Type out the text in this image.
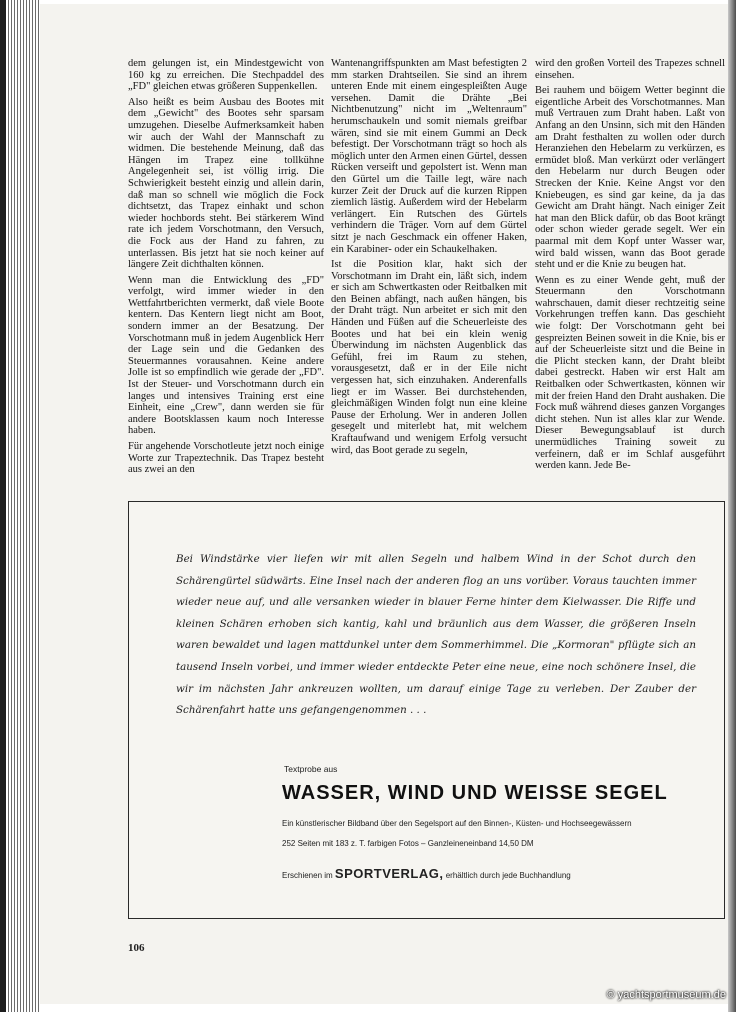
dem gelungen ist, ein Mindestgewicht von 160 kg zu erreichen. Die Stechpaddel des „FD" gleichen etwas größeren Suppenkellen.

Also heißt es beim Ausbau des Bootes mit dem „Gewicht" des Bootes sehr sparsam umzugehen. Dieselbe Aufmerksamkeit haben wir auch der Wahl der Mannschaft zu widmen. Die bestehende Meinung, daß das Hängen im Trapez eine tollkühne Angelegenheit sei, ist völlig irrig. Die Schwierigkeit besteht einzig und allein darin, daß man so schnell wie möglich die Fock dichtsetzt, das Trapez einhakt und schon wieder hochbords steht. Bei stärkerem Wind rate ich jedem Vorschotmann, den Versuch, die Fock aus der Hand zu fahren, zu unterlassen. Bis jetzt hat sie noch keiner auf längere Zeit dichthalten können.

Wenn man die Entwicklung des „FD" verfolgt, wird immer wieder in den Wettfahrtberichten vermerkt, daß viele Boote kentern. Das Kentern liegt nicht am Boot, sondern immer an der Besatzung. Der Vorschotmann muß in jedem Augenblick Herr der Lage sein und die Gedanken des Steuermannes vorausahnen. Keine andere Jolle ist so empfindlich wie gerade der „FD". Ist der Steuer- und Vorschotmann durch ein langes und intensives Training erst eine Einheit, eine „Crew", dann werden sie für andere Bootsklassen kaum noch Interesse haben.

Für angehende Vorschotleute jetzt noch einige Worte zur Trapeztechnik. Das Trapez besteht aus zwei an den

Wantenangriffspunkten am Mast befestigten 2 mm starken Drahtseilen. Sie sind an ihrem unteren Ende mit einem eingespleißten Auge versehen. Damit die Drähte „Bei Nichtbenutzung" nicht im „Weltenraum" herumschaukeln und somit niemals greifbar wären, sind sie mit einem Gummi an Deck befestigt. Der Vorschotmann trägt so hoch als möglich unter den Armen einen Gürtel, dessen Rücken verseift und gepolstert ist. Wenn man den Gürtel um die Taille legt, wäre nach kurzer Zeit der Druck auf die kurzen Rippen ziemlich lästig. Außerdem wird der Hebelarm verlängert. Ein Rutschen des Gürtels verhindern die Träger. Vorn auf dem Gürtel sitzt je nach Geschmack ein offener Haken, ein Karabiner- oder ein Schaukelhaken.

Ist die Position klar, hakt sich der Vorschotmann im Draht ein, läßt sich, indem er sich am Schwertkasten oder Reitbalken mit den Beinen abfängt, nach außen hängen, bis der Draht trägt. Nun arbeitet er sich mit den Händen und Füßen auf die Scheuerleiste des Bootes und hat bei ein klein wenig Überwindung im nächsten Augenblick das Gefühl, frei im Raum zu stehen, vorausgesetzt, daß er in der Eile nicht vergessen hat, sich einzuhaken. Anderenfalls liegt er im Wasser. Bei durchstehenden, gleichmäßigen Winden folgt nun eine kleine Pause der Erholung. Wer in anderen Jollen gesegelt und miterlebt hat, mit welchem Kraftaufwand und wenigem Erfolg versucht wird, das Boot gerade zu segeln,

wird den großen Vorteil des Trapezes schnell einsehen.

Bei rauhem und böigem Wetter beginnt die eigentliche Arbeit des Vorschotmannes. Man muß Vertrauen zum Draht haben. Laßt von Anfang an den Unsinn, sich mit den Händen am Draht festhalten zu wollen oder durch Heranziehen den Hebelarm zu verkürzen, es ermüdet bloß. Man verkürzt oder verlängert den Hebelarm nur durch Beugen oder Strecken der Knie. Keine Angst vor den Kniebeugen, es sind gar keine, da ja das Gewicht am Draht hängt. Nach einiger Zeit hat man den Blick dafür, ob das Boot krängt oder schon wieder gerade segelt. Wer ein paarmal mit dem Kopf unter Wasser war, wird bald wissen, wann das Boot gerade steht und er die Knie zu beugen hat.

Wenn es zu einer Wende geht, muß der Steuermann den Vorschotmann wahrschauen, damit dieser rechtzeitig seine Vorkehrungen treffen kann. Das geschieht wie folgt: Der Vorschotmann geht bei gespreizten Beinen soweit in die Knie, bis er auf der Scheuerleiste sitzt und die Beine in die Plicht stecken kann, der Draht bleibt dabei gestreckt. Haben wir erst Halt am Reitbalken oder Schwertkasten, können wir mit der freien Hand den Draht aushaken. Die Fock muß während dieses ganzen Vorganges dicht stehen. Nun ist alles klar zur Wende. Dieser Bewegungsablauf ist durch unermüdliches Training soweit zu verfeinern, daß er im Schlaf ausgeführt werden kann. Jede Be-

Bei Windstärke vier liefen wir mit allen Segeln und halbem Wind in der Schot durch den Schärengürtel südwärts. Eine Insel nach der anderen flog an uns vorüber. Voraus tauchten immer wieder neue auf, und alle versanken wieder in blauer Ferne hinter dem Kielwasser. Die Riffe und kleinen Schären erhoben sich kantig, kahl und bräunlich aus dem Wasser, die größeren Inseln waren bewaldet und lagen mattdunkel unter dem Sommerhimmel. Die „Kormoran" pflügte sich an tausend Inseln vorbei, und immer wieder entdeckte Peter eine neue, eine noch schönere Insel, die wir im nächsten Jahr ankreuzen wollten, um darauf einige Tage zu verleben. Der Zauber der Schärenfahrt hatte uns gefangengenommen . . .
Textprobe aus
WASSER, WIND UND WEISSE SEGEL
Ein künstlerischer Bildband über den Segelsport auf den Binnen-, Küsten- und Hochseegewässern
252 Seiten mit 183 z. T. farbigen Fotos – Ganzleineneinband 14,50 DM
Erschienen im SPORTVERLAG, erhältlich durch jede Buchhandlung
106
© yachtsportmuseum.de
